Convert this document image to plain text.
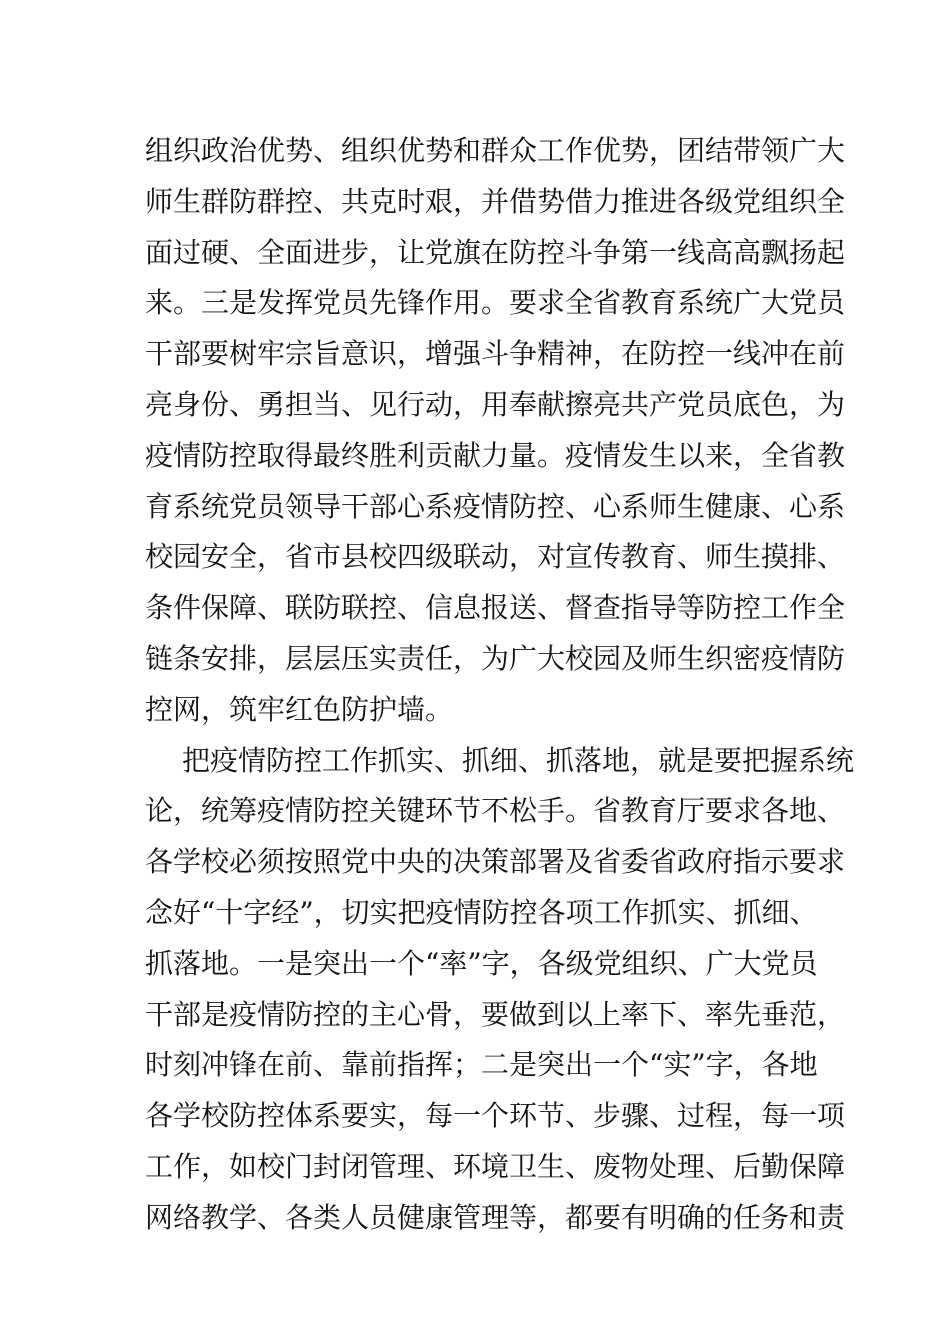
组织政治优势、组织优势和群众工作优势，团结带领广大
师生群防群控、共克时艰，并借势借力推进各级党组织全
面过硬、全面进步，让党旗在防控斗争第一线高高飘扬起
来。三是发挥党员先锋作用。要求全省教育系统广大党员
干部要树牢宗旨意识，增强斗争精神，在防控一线冲在前
亮身份、勇担当、见行动，用奉献擦亮共产党员底色，为
疫情防控取得最终胜利贡献力量。疫情发生以来，全省教
育系统党员领导干部心系疫情防控、心系师生健康、心系
校园安全，省市县校四级联动，对宣传教育、师生摸排、
条件保障、联防联控、信息报送、督查指导等防控工作全
链条安排，层层压实责任，为广大校园及师生织密疫情防
控网，筑牢红色防护墙。
把疫情防控工作抓实、抓细、抓落地，就是要把握系统
论，统筹疫情防控关键环节不松手。省教育厅要求各地、
各学校必须按照党中央的决策部署及省委省政府指示要求
念好“十字经”，切实把疫情防控各项工作抓实、抓细、
抓落地。一是突出一个“率”字，各级党组织、广大党员
干部是疫情防控的主心骨，要做到以上率下、率先垂范，
时刻冲锋在前、靠前指挥；二是突出一个“实”字，各地
各学校防控体系要实，每一个环节、步骤、过程，每一项
工作，如校门封闭管理、环境卫生、废物处理、后勤保障
网络教学、各类人员健康管理等，都要有明确的任务和责
